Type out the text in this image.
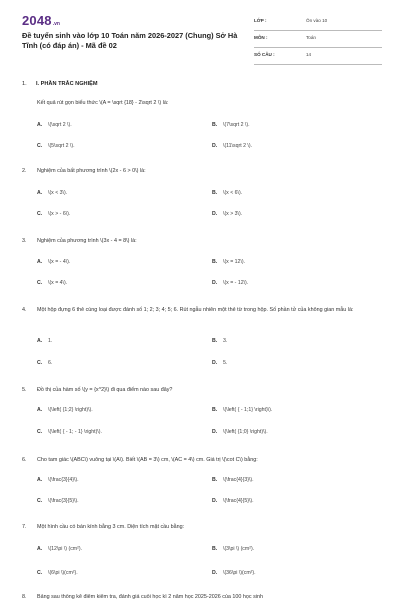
2048.vn
Đề tuyển sinh vào lớp 10 Toán năm 2026-2027 (Chung) Sở Hà Tĩnh (có đáp án) - Mã đề 02
LỚP :	Ôn vào 10
MÔN :	Toán
SỐ CÂU :	14
1. I. PHẦN TRẮC NGHIỆM
Kết quả rút gọn biểu thức \(A = \sqrt {18} - 2\sqrt 2 \) là:
A. \(\sqrt 2 \).	B. \(7\sqrt 2 \).
C. \(5\sqrt 2 \).	D. \(11\sqrt 2 \).
2. Nghiệm của bất phương trình \(2x - 6 > 0\) là:
A. \(x < 3\).	B. \(x < 6\).
C. \(x > - 6\).	D. \(x > 3\).
3. Nghiệm của phương trình \(3x - 4 = 8\) là:
A. \(x = - 4\).	B. \(x = 12\).
C. \(x = 4\).	D. \(x = - 12\).
4. Một hộp đựng 6 thẻ cùng loại được đánh số 1; 2; 3; 4; 5; 6. Rút ngẫu nhiên một thẻ từ trong hộp. Số phần tử của không gian mẫu là:
A. 1.	B. 3.
C. 6.	D. 5.
5. Đồ thị của hàm số \(y = {x^2}\) đi qua điểm nào sau đây?
A. \(\left( {1;2} \right)\).	B. \(\left( { - 1;1} \right)\).
C. \(\left( { - 1; - 1} \right)\).	D. \(\left( {1;0} \right)\).
6. Cho tam giác \(ABC\) vuông tại \(A\). Biết \(AB = 3\) cm, \(AC = 4\) cm. Giá trị \(\cot C\) bằng:
A. \(\frac{3}{4}\).	B. \(\frac{4}{3}\).
C. \(\frac{3}{5}\).	D. \(\frac{4}{5}\).
7. Một hình cầu có bán kính bằng 3 cm. Diện tích mặt cầu bằng:
A. \(12\pi \) (cm²).	B. \(3\pi \) (cm²).
C. \(6\pi \)(cm²).	D. \(36\pi \)(cm²).
8. Bảng sau thống kê điểm kiểm tra, đánh giá cuối học kì 2 năm học 2025-2026 của 100 học sinh
